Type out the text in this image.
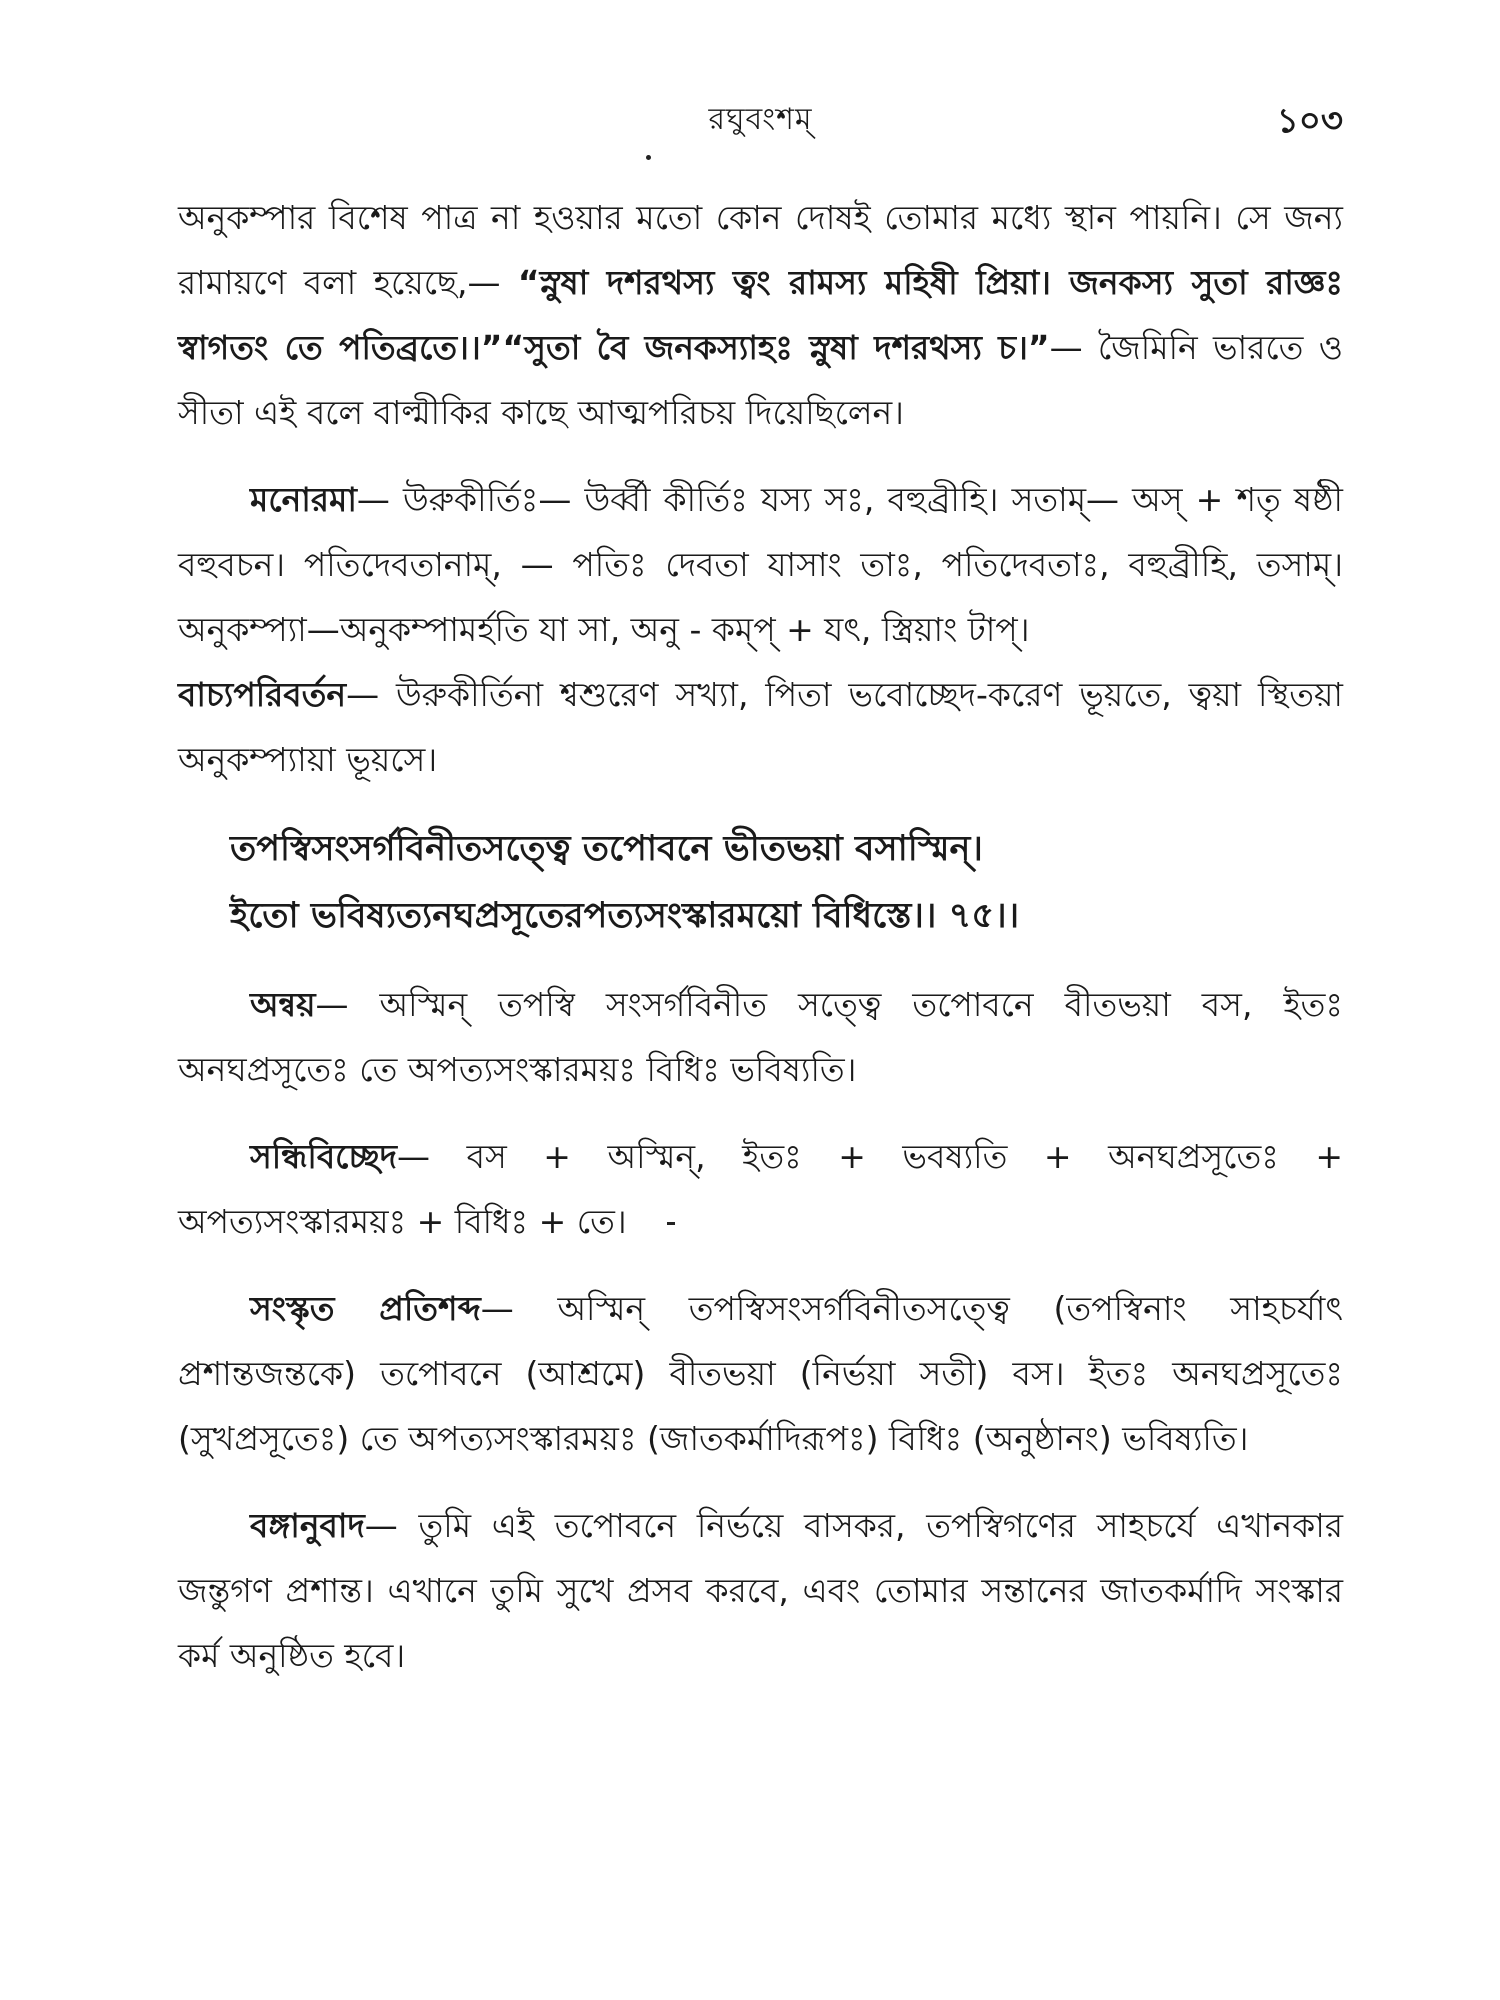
রঘুবংশম্	১০৩

অনুকম্পার বিশেষ পাত্র না হওয়ার মতো কোন দোষই তোমার মধ্যে স্থান পায়নি। সে জন্য রামায়ণে বলা হয়েছে,— “স্নুষা দশরথস্য ত্বং রামস্য মহিষী প্রিয়া। জনকস্য সুতা রাজ্ঞঃ স্বাগতং তে পতিব্রতে।।”“সুতা বৈ জনকস্যাহঃ স্নুষা দশরথস্য চ।”— জৈমিনি ভারতে ও সীতা এই বলে বাল্মীকির কাছে আত্মপরিচয় দিয়েছিলেন।

মনোরমা— উরুকীর্তিঃ— উর্ব্বী কীর্তিঃ যস্য সঃ, বহুব্রীহি। সতাম্— অস্ + শতৃ ষষ্ঠী বহুবচন। পতিদেবতানাম্, — পতিঃ দেবতা যাসাং তাঃ, পতিদেবতাঃ, বহুব্রীহি, তসাম্। অনুকম্প্যা—অনুকম্পামর্হতি যা সা, অনু - কম্প্ + যৎ, স্ত্রিয়াং টাপ্।

বাচ্যপরিবর্তন— উরুকীর্তিনা শ্বশুরেণ সখ্যা, পিতা ভবোচ্ছেদ-করেণ ভূয়তে, ত্বয়া স্থিতয়া অনুকম্প্যায়া ভূয়সে।

তপস্বিসংসর্গবিনীতসত্ত্বে তপোবনে ভীতভয়া বসাস্মিন্।
ইতো ভবিষ্যত্যনঘপ্রসূতেরপত্যসংস্কারময়ো বিধিস্তে।। ৭৫।।

অন্বয়— অস্মিন্ তপস্বি সংসর্গবিনীত সত্ত্বে তপোবনে বীতভয়া বস, ইতঃ অনঘপ্রসূতেঃ তে অপত্যসংস্কারময়ঃ বিধিঃ ভবিষ্যতি।

সন্ধিবিচ্ছেদ— বস + অস্মিন্, ইতঃ + ভবষ্যতি + অনঘপ্রসূতেঃ + অপত্যসংস্কারময়ঃ + বিধিঃ + তে।

সংস্কৃত প্রতিশব্দ— অস্মিন্ তপস্বিসংসর্গবিনীতসত্ত্বে (তপস্বিনাং সাহচর্যাৎ প্রশান্তজন্তকে) তপোবনে (আশ্রমে) বীতভয়া (নির্ভয়া সতী) বস। ইতঃ অনঘপ্রসূতেঃ (সুখপ্রসূতেঃ) তে অপত্যসংস্কারময়ঃ (জাতকর্মাদিরূপঃ) বিধিঃ (অনুষ্ঠানং) ভবিষ্যতি।

বঙ্গানুবাদ— তুমি এই তপোবনে নির্ভয়ে বাসকর, তপস্বিগণের সাহচর্যে এখানকার জন্তুগণ প্রশান্ত। এখানে তুমি সুখে প্রসব করবে, এবং তোমার সন্তানের জাতকর্মাদি সংস্কার কর্ম অনুষ্ঠিত হবে।
